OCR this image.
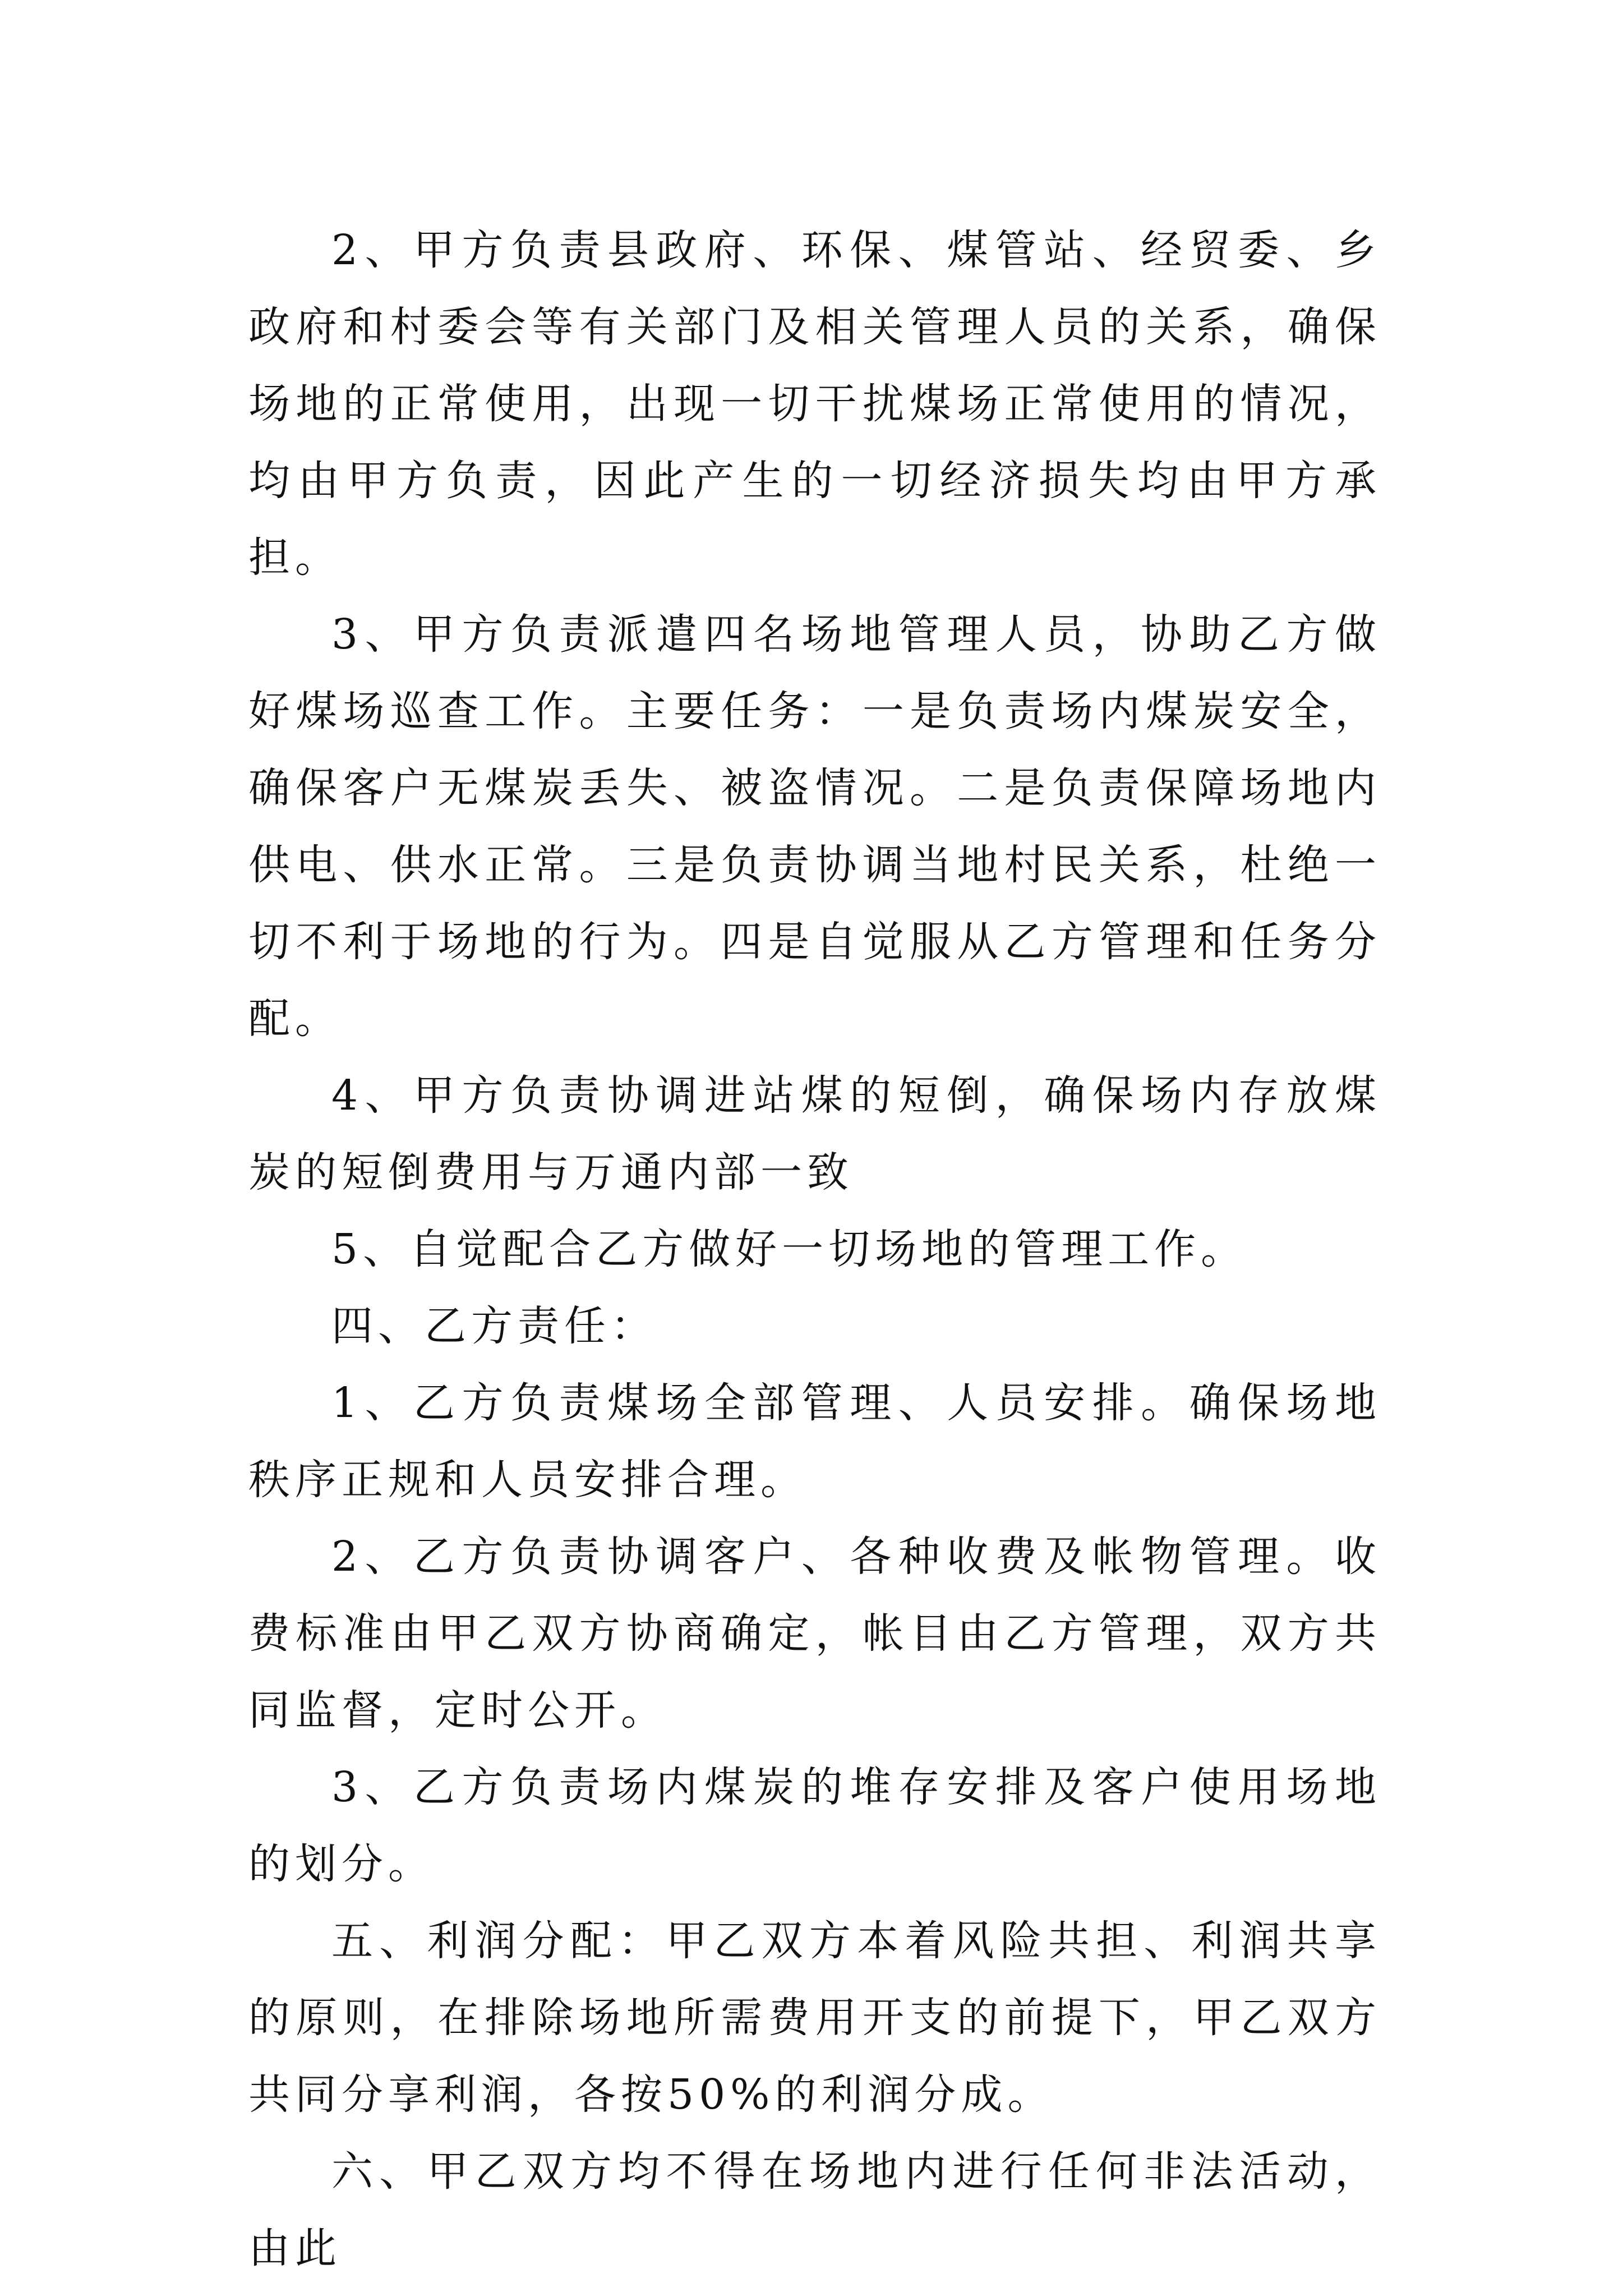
2、甲方负责县政府、环保、煤管站、经贸委、乡政府和村委会等有关部门及相关管理人员的关系，确保场地的正常使用，出现一切干扰煤场正常使用的情况，均由甲方负责，因此产生的一切经济损失均由甲方承担。

3、甲方负责派遣四名场地管理人员，协助乙方做好煤场巡查工作。主要任务：一是负责场内煤炭安全，确保客户无煤炭丢失、被盗情况。二是负责保障场地内供电、供水正常。三是负责协调当地村民关系，杜绝一切不利于场地的行为。四是自觉服从乙方管理和任务分配。

4、甲方负责协调进站煤的短倒，确保场内存放煤炭的短倒费用与万通内部一致

5、自觉配合乙方做好一切场地的管理工作。

四、乙方责任：

1、乙方负责煤场全部管理、人员安排。确保场地秩序正规和人员安排合理。

2、乙方负责协调客户、各种收费及帐物管理。收费标准由甲乙双方协商确定，帐目由乙方管理，双方共同监督，定时公开。

3、乙方负责场内煤炭的堆存安排及客户使用场地的划分。

五、利润分配：甲乙双方本着风险共担、利润共享的原则，在排除场地所需费用开支的前提下，甲乙双方共同分享利润，各按50%的利润分成。

六、甲乙双方均不得在场地内进行任何非法活动，由此
